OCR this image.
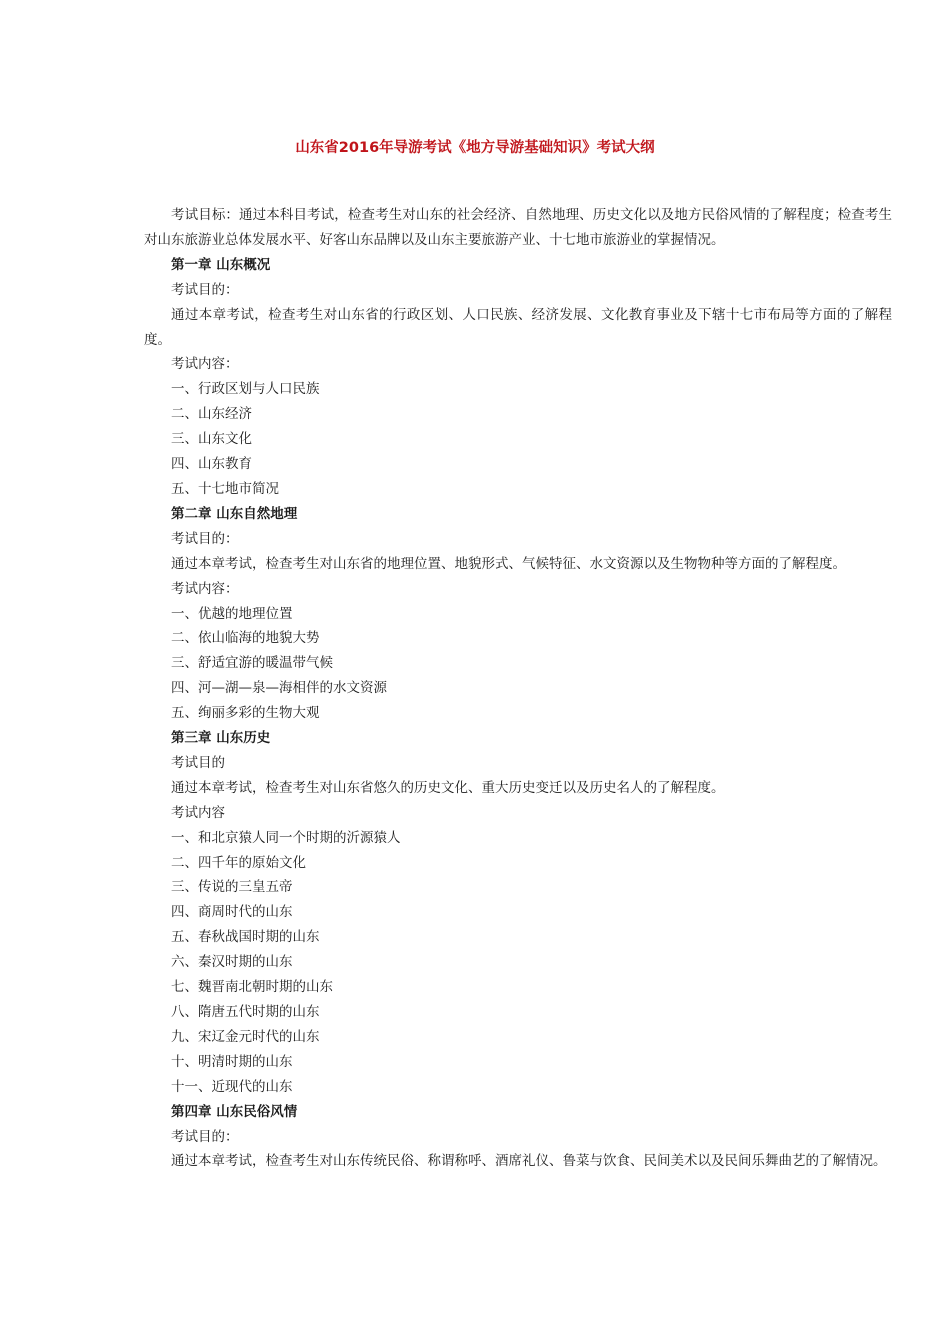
山东省2016年导游考试《地方导游基础知识》考试大纲

考试目标：通过本科目考试，检查考生对山东的社会经济、自然地理、历史文化以及地方民俗风情的了解程度；检查考生对山东旅游业总体发展水平、好客山东品牌以及山东主要旅游产业、十七地市旅游业的掌握情况。

第一章 山东概况

考试目的：

通过本章考试，检查考生对山东省的行政区划、人口民族、经济发展、文化教育事业及下辖十七市布局等方面的了解程度。

考试内容：

一、行政区划与人口民族

二、山东经济

三、山东文化

四、山东教育

五、十七地市简况

第二章 山东自然地理

考试目的：

通过本章考试，检查考生对山东省的地理位置、地貌形式、气候特征、水文资源以及生物物种等方面的了解程度。

考试内容：

一、优越的地理位置

二、依山临海的地貌大势

三、舒适宜游的暖温带气候

四、河—湖—泉—海相伴的水文资源

五、绚丽多彩的生物大观

第三章 山东历史

考试目的

通过本章考试，检查考生对山东省悠久的历史文化、重大历史变迁以及历史名人的了解程度。

考试内容

一、和北京猿人同一个时期的沂源猿人

二、四千年的原始文化

三、传说的三皇五帝

四、商周时代的山东

五、春秋战国时期的山东

六、秦汉时期的山东

七、魏晋南北朝时期的山东

八、隋唐五代时期的山东

九、宋辽金元时代的山东

十、明清时期的山东

十一、近现代的山东

第四章 山东民俗风情

考试目的：

通过本章考试，检查考生对山东传统民俗、称谓称呼、酒席礼仪、鲁菜与饮食、民间美术以及民间乐舞曲艺的了解情况。
